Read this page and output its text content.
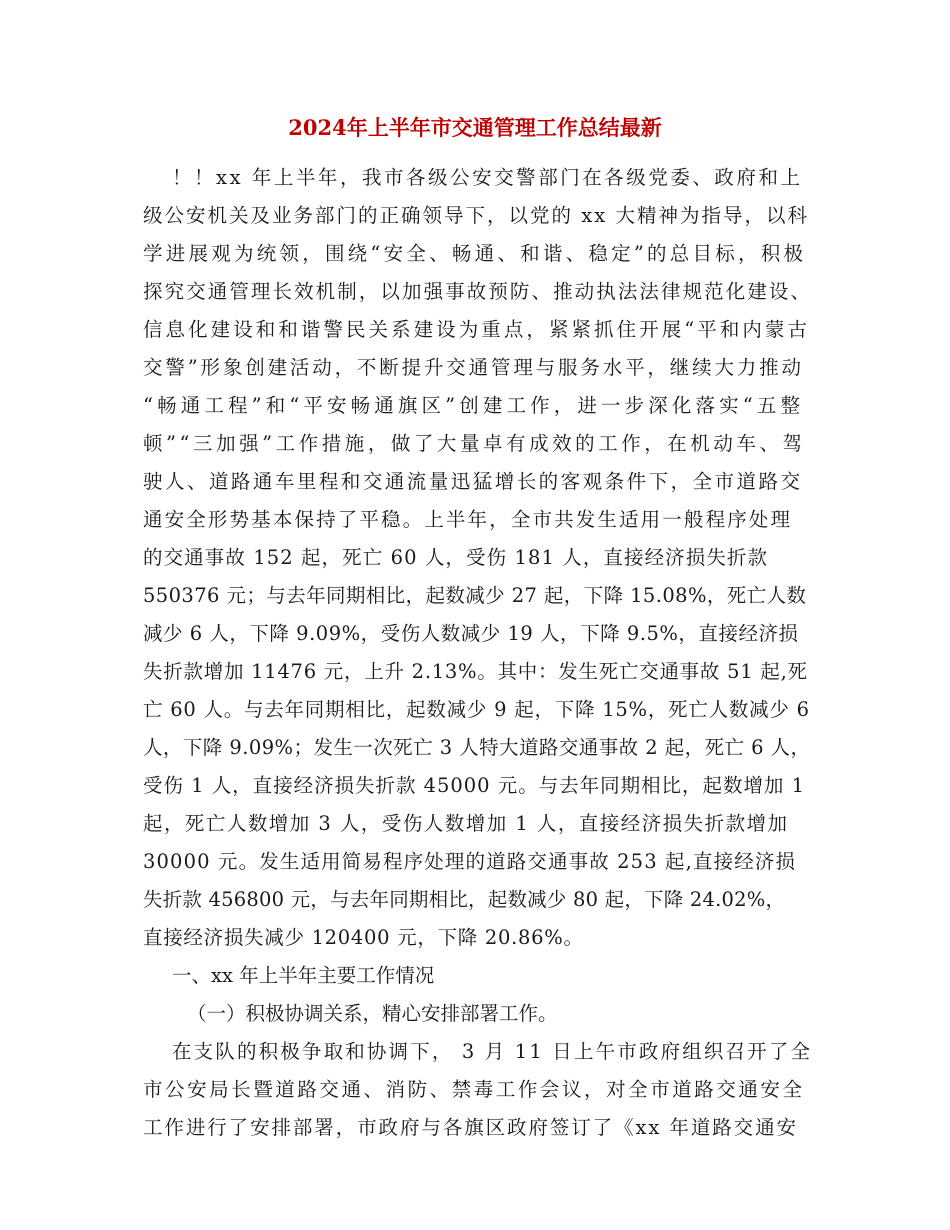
2024年上半年市交通管理工作总结最新
！！xx 年上半年，我市各级公安交警部门在各级党委、政府和上
级公安机关及业务部门的正确领导下，以党的 xx 大精神为指导，以科
学进展观为统领，围绕“安全、畅通、和谐、稳定”的总目标，积极
探究交通管理长效机制，以加强事故预防、推动执法法律规范化建设、
信息化建设和和谐警民关系建设为重点，紧紧抓住开展“平和内蒙古
交警”形象创建活动，不断提升交通管理与服务水平，继续大力推动
“畅通工程”和“平安畅通旗区”创建工作，进一步深化落实“五整
顿”“三加强”工作措施，做了大量卓有成效的工作，在机动车、驾
驶人、道路通车里程和交通流量迅猛增长的客观条件下，全市道路交
通安全形势基本保持了平稳。上半年，全市共发生适用一般程序处理
的交通事故 152 起，死亡 60 人，受伤 181 人，直接经济损失折款
550376 元；与去年同期相比，起数减少 27 起，下降 15.08%，死亡人数
减少 6 人，下降 9.09%，受伤人数减少 19 人，下降 9.5%，直接经济损
失折款增加 11476 元，上升 2.13%。其中：发生死亡交通事故 51 起,死
亡 60 人。与去年同期相比，起数减少 9 起，下降 15%，死亡人数减少 6
人，下降 9.09%；发生一次死亡 3 人特大道路交通事故 2 起，死亡 6 人，
受伤 1 人，直接经济损失折款 45000 元。与去年同期相比，起数增加 1
起，死亡人数增加 3 人，受伤人数增加 1 人，直接经济损失折款增加
30000 元。发生适用简易程序处理的道路交通事故 253 起,直接经济损
失折款 456800 元，与去年同期相比，起数减少 80 起，下降 24.02%，
直接经济损失减少 120400 元，下降 20.86%。
一、xx 年上半年主要工作情况
（一）积极协调关系，精心安排部署工作。
在支队的积极争取和协调下， 3 月 11 日上午市政府组织召开了全
市公安局长暨道路交通、消防、禁毒工作会议，对全市道路交通安全
工作进行了安排部署，市政府与各旗区政府签订了《xx 年道路交通安
